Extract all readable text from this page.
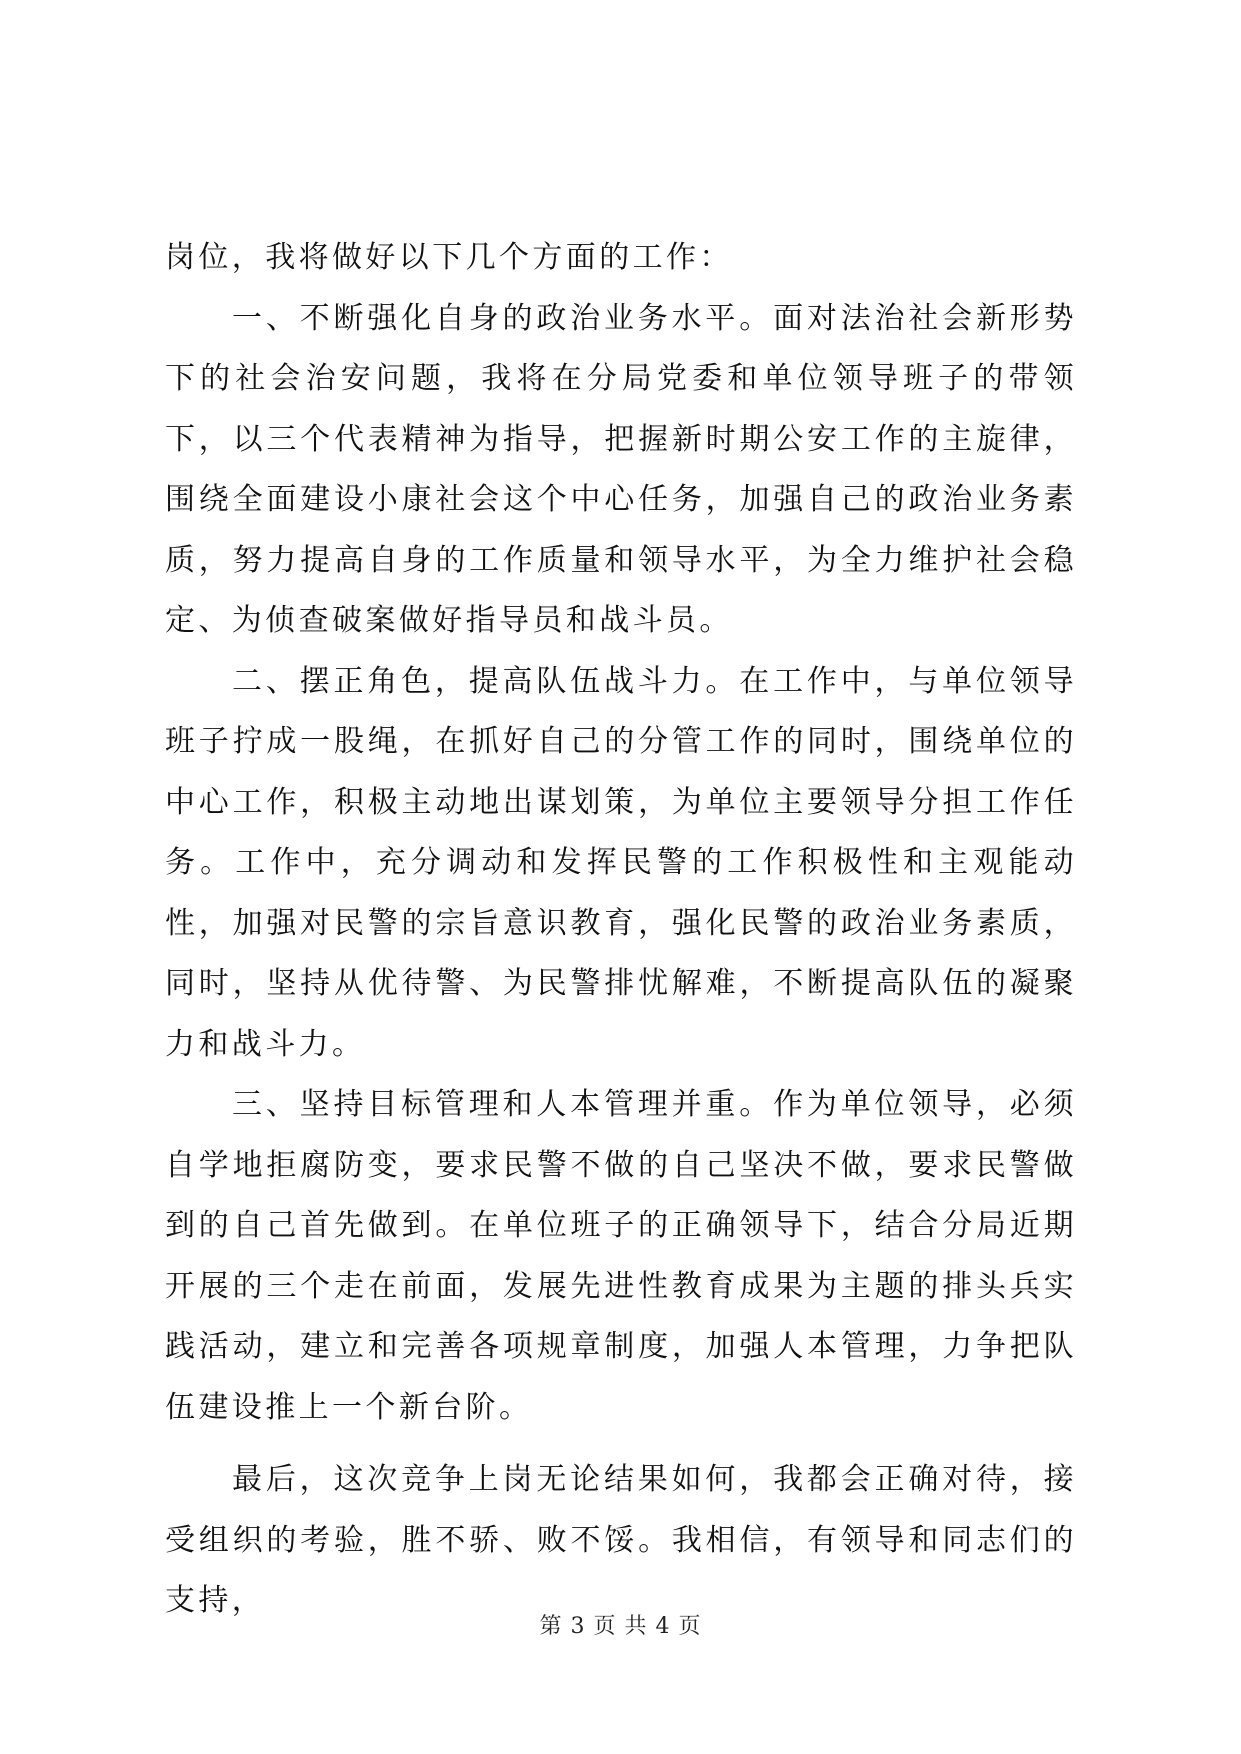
岗位，我将做好以下几个方面的工作：

一、不断强化自身的政治业务水平。面对法治社会新形势下的社会治安问题，我将在分局党委和单位领导班子的带领下，以三个代表精神为指导，把握新时期公安工作的主旋律，围绕全面建设小康社会这个中心任务，加强自己的政治业务素质，努力提高自身的工作质量和领导水平，为全力维护社会稳定、为侦查破案做好指导员和战斗员。

二、摆正角色，提高队伍战斗力。在工作中，与单位领导班子拧成一股绳，在抓好自己的分管工作的同时，围绕单位的中心工作，积极主动地出谋划策，为单位主要领导分担工作任务。工作中，充分调动和发挥民警的工作积极性和主观能动性，加强对民警的宗旨意识教育，强化民警的政治业务素质，同时，坚持从优待警、为民警排忧解难，不断提高队伍的凝聚力和战斗力。

三、坚持目标管理和人本管理并重。作为单位领导，必须自学地拒腐防变，要求民警不做的自己坚决不做，要求民警做到的自己首先做到。在单位班子的正确领导下，结合分局近期开展的三个走在前面，发展先进性教育成果为主题的排头兵实践活动，建立和完善各项规章制度，加强人本管理，力争把队伍建设推上一个新台阶。

最后，这次竞争上岗无论结果如何，我都会正确对待，接受组织的考验，胜不骄、败不馁。我相信，有领导和同志们的支持，

第 3 页 共 4 页
